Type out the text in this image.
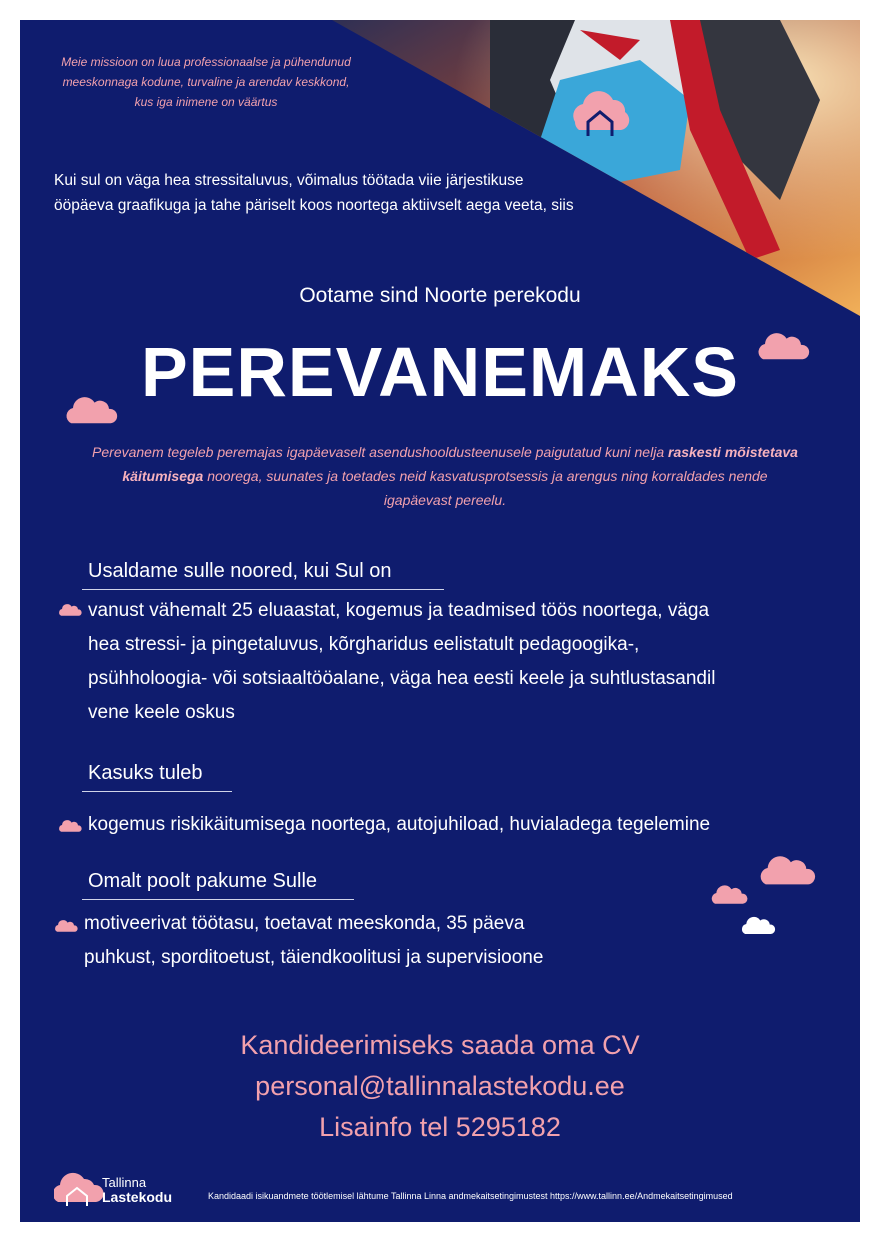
Meie missioon on luua professionaalse ja pühendunud
meeskonnaga kodune, turvaline ja arendav keskkond,
kus iga inimene on väärtus
Kui sul on väga hea stressitaluvus, võimalus töötada viie järjestikuse
ööpäeva graafikuga ja tahe päriselt koos noortega aktiivselt aega veeta, siis
Ootame sind Noorte perekodu
PEREVANEMAKS
Perevanem tegeleb peremajas igapäevaselt asendushooldusteenusele paigutatud kuni nelja raskesti mõistetava käitumisega noorega, suunates ja toetades neid kasvatusprotsessis ja arengus ning korraldades nende igapäevast pereelu.
Usaldame sulle noored, kui Sul on
vanust vähemalt 25 eluaastat, kogemus ja teadmised töös noortega, väga
hea stressi- ja pingetaluvus, kõrgharidus eelistatult pedagoogika-,
psühholoogia- või sotsiaaltööalane, väga hea eesti keele ja suhtlustasandil
vene keele oskus
Kasuks tuleb
kogemus riskikäitumisega noortega, autojuhiload, huvialadega tegelemine
Omalt poolt pakume Sulle
motiveerivat töötasu, toetavat meeskonda, 35 päeva
puhkust, sporditoetust, täiendkoolitusi ja supervisioone
Kandideerimiseks saada oma CV
personal@tallinnalastekodu.ee
Lisainfo tel 5295182
Tallinna
Lastekodu	Kandidaadi isikuandmete töötlemisel lähtume Tallinna Linna andmekaitsetingimustest https://www.tallinn.ee/Andmekaitsetingimused
